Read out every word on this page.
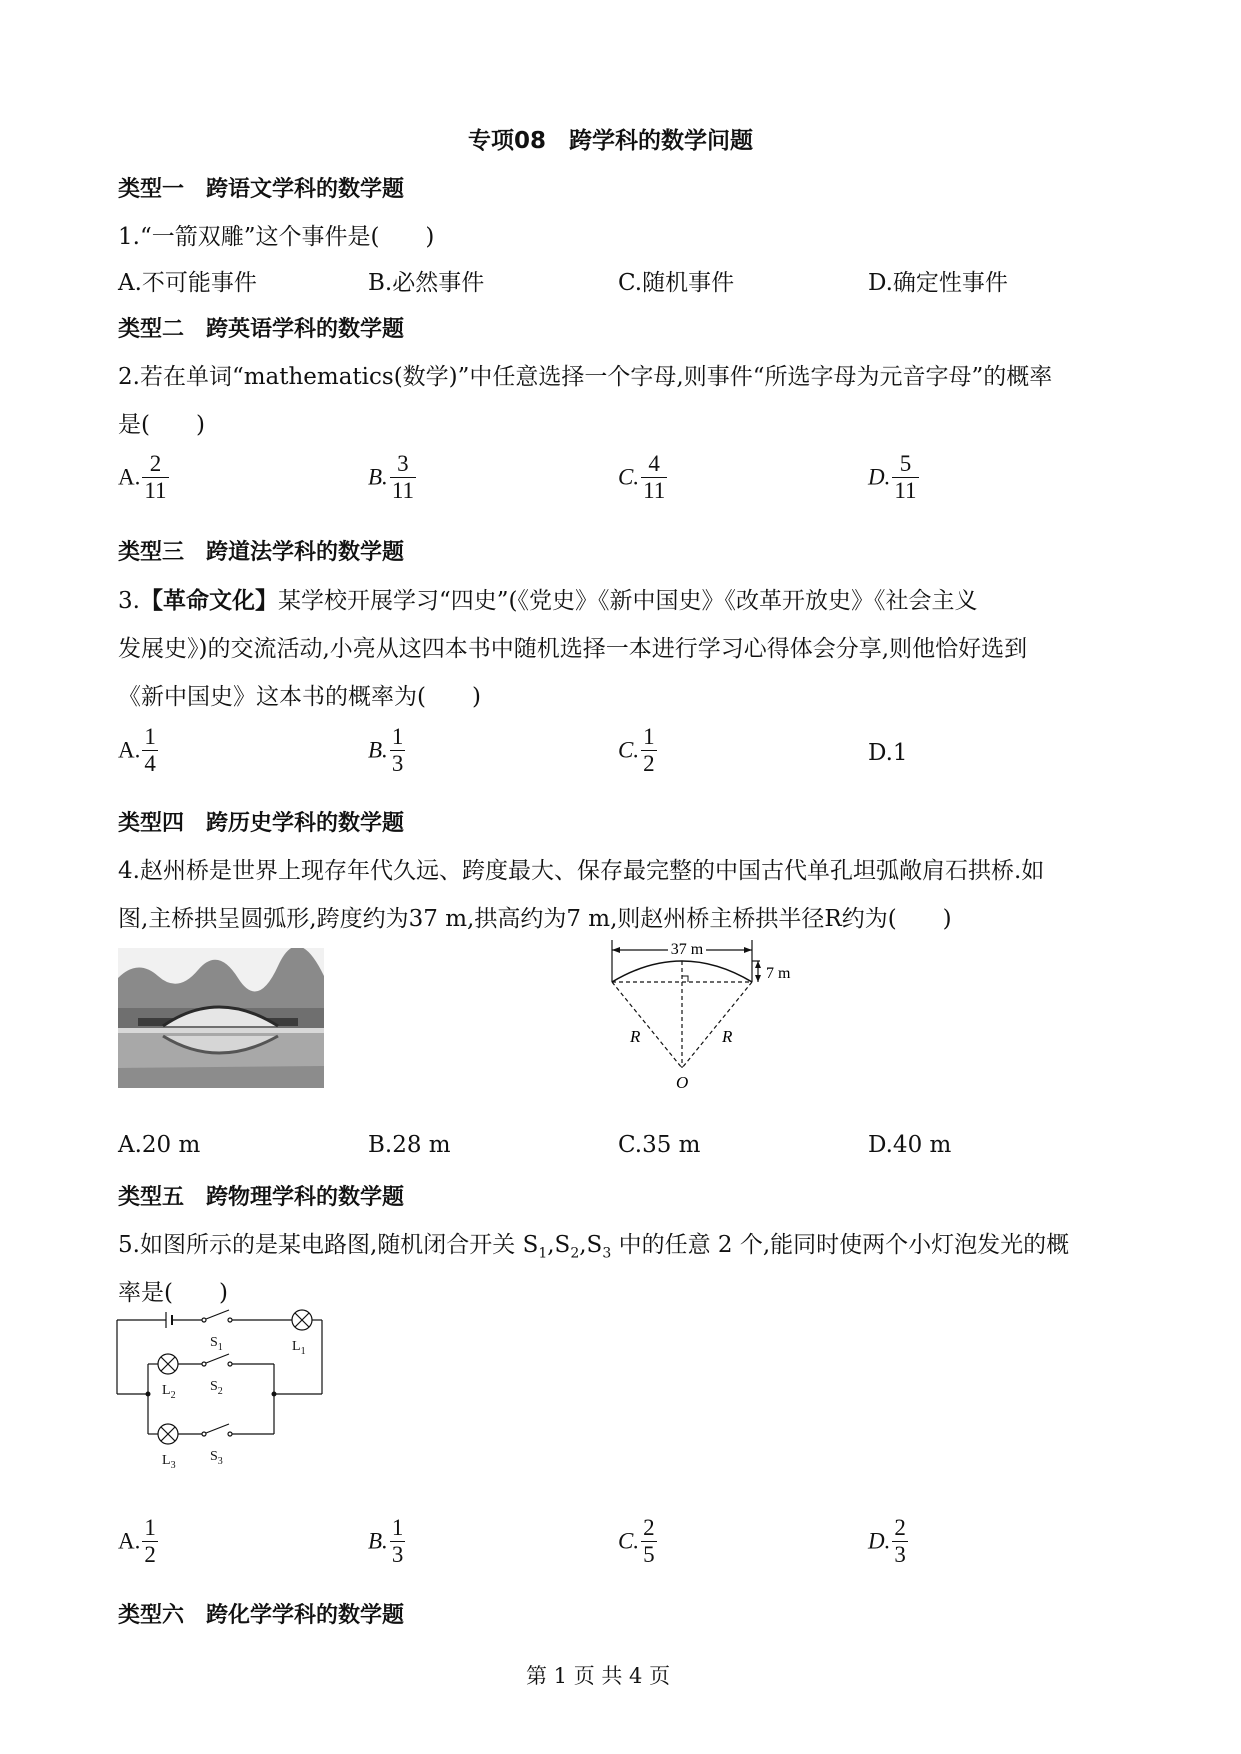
专项08　跨学科的数学问题
类型一　跨语文学科的数学题
1.“一箭双雕”这个事件是(　　)
A.不可能事件	B.必然事件	C.随机事件	D.确定性事件
类型二　跨英语学科的数学题
2.若在单词“mathematics(数学)”中任意选择一个字母,则事件“所选字母为元音字母”的概率
是(　　)
A. $\frac{2}{11}$	B. $\frac{3}{11}$	C. $\frac{4}{11}$	D. $\frac{5}{11}$
类型三　跨道法学科的数学题
3.【革命文化】某学校开展学习“四史”(《党史》《新中国史》《改革开放史》《社会主义
发展史》)的交流活动,小亮从这四本书中随机选择一本进行学习心得体会分享,则他恰好选到
《新中国史》这本书的概率为(　　)
A. $\frac{1}{4}$	B. $\frac{1}{3}$	C. $\frac{1}{2}$	D.1
类型四　跨历史学科的数学题
4.赵州桥是世界上现存年代久远、跨度最大、保存最完整的中国古代单孔坦弧敞肩石拱桥.如
图,主桥拱呈圆弧形,跨度约为37 m,拱高约为7 m,则赵州桥主桥拱半径R约为(　　)
37 m
7 m
R	R
O
A.20 m	B.28 m	C.35 m	D.40 m
类型五　跨物理学科的数学题
5.如图所示的是某电路图,随机闭合开关 $S_1,S_2,S_3$ 中的任意 2 个,能同时使两个小灯泡发光的概
率是(　　)
$S_1$
$S_2$
$S_3$
$L_1$
$L_2$
$L_3$
A. $\frac{1}{2}$	B. $\frac{1}{3}$	C. $\frac{2}{5}$	D. $\frac{2}{3}$
类型六　跨化学学科的数学题
第 1 页 共 4 页
